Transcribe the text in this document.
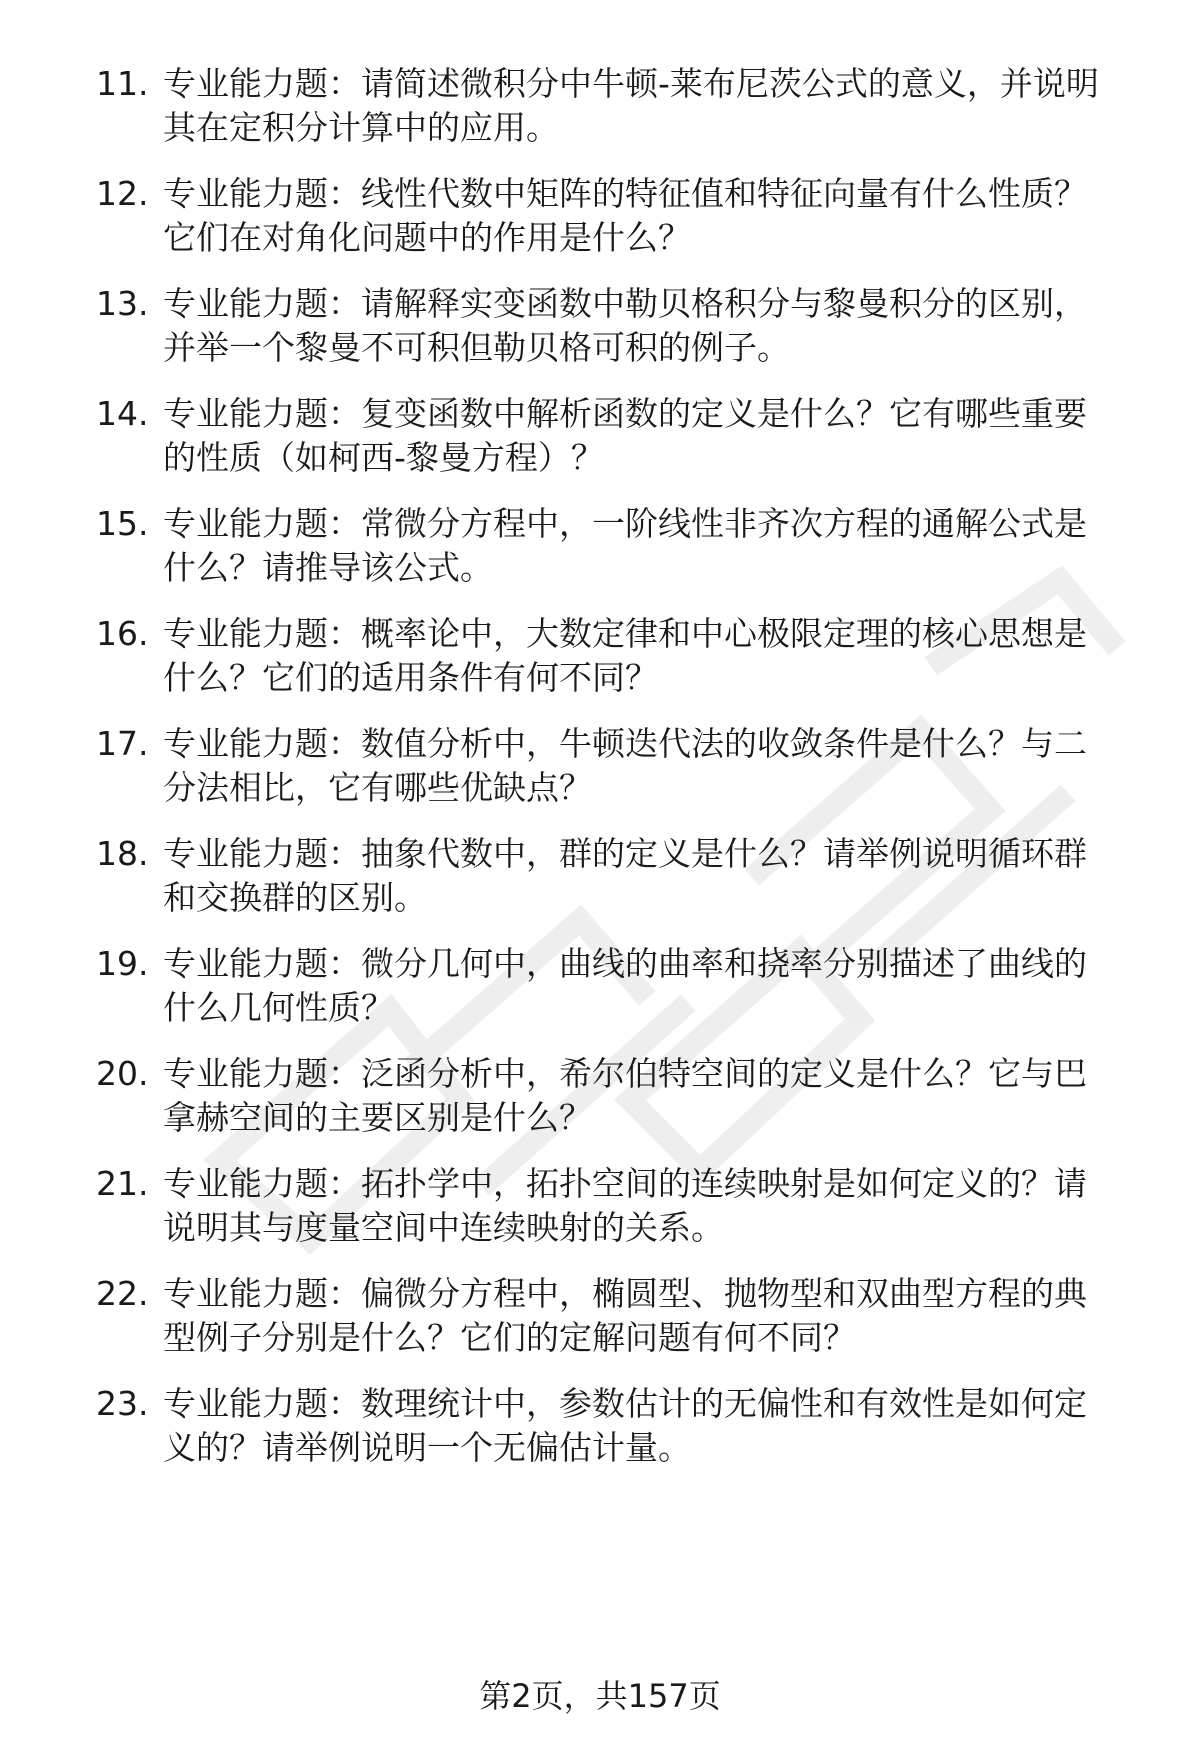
11. 专业能力题：请简述微积分中牛顿-莱布尼茨公式的意义，并说明
其在定积分计算中的应用。
12. 专业能力题：线性代数中矩阵的特征值和特征向量有什么性质？
它们在对角化问题中的作用是什么？
13. 专业能力题：请解释实变函数中勒贝格积分与黎曼积分的区别，
并举一个黎曼不可积但勒贝格可积的例子。
14. 专业能力题：复变函数中解析函数的定义是什么？它有哪些重要
的性质（如柯西-黎曼方程）？
15. 专业能力题：常微分方程中，一阶线性非齐次方程的通解公式是
什么？请推导该公式。
16. 专业能力题：概率论中，大数定律和中心极限定理的核心思想是
什么？它们的适用条件有何不同？
17. 专业能力题：数值分析中，牛顿迭代法的收敛条件是什么？与二
分法相比，它有哪些优缺点？
18. 专业能力题：抽象代数中，群的定义是什么？请举例说明循环群
和交换群的区别。
19. 专业能力题：微分几何中，曲线的曲率和挠率分别描述了曲线的
什么几何性质？
20. 专业能力题：泛函分析中，希尔伯特空间的定义是什么？它与巴
拿赫空间的主要区别是什么？
21. 专业能力题：拓扑学中，拓扑空间的连续映射是如何定义的？请
说明其与度量空间中连续映射的关系。
22. 专业能力题：偏微分方程中，椭圆型、抛物型和双曲型方程的典
型例子分别是什么？它们的定解问题有何不同？
23. 专业能力题：数理统计中，参数估计的无偏性和有效性是如何定
义的？请举例说明一个无偏估计量。
第2页，共157页
